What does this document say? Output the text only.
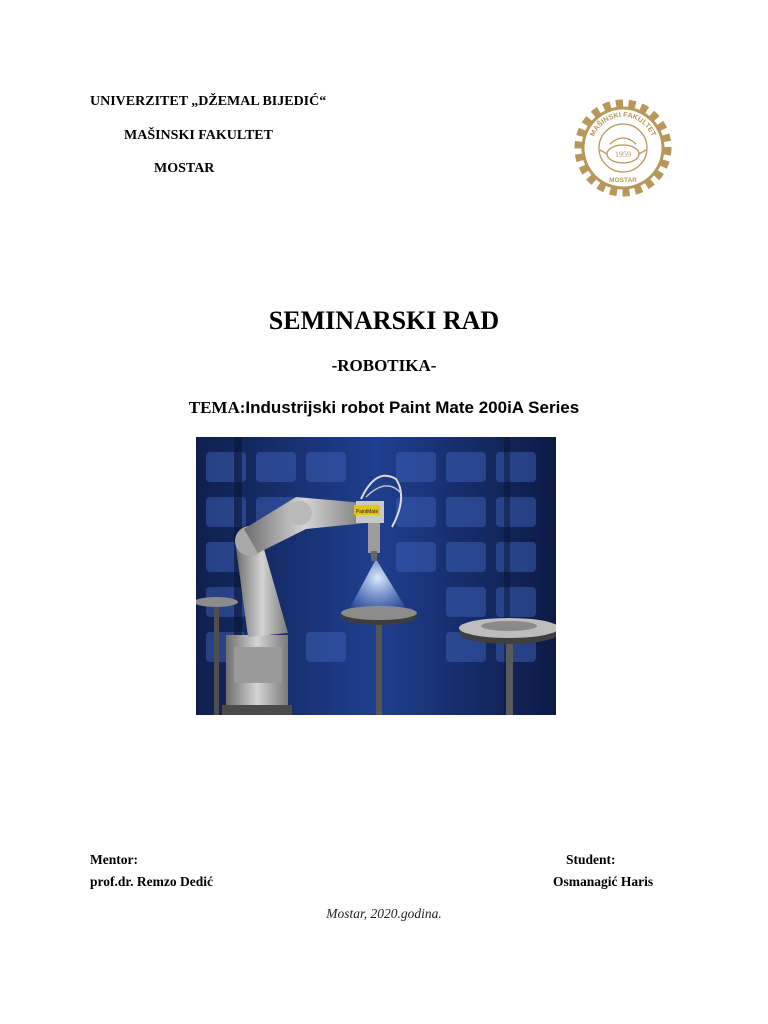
UNIVERZITET „DŽEMAL BIJEDIĆ“
MAŠINSKI FAKULTET
MOSTAR
MAŠINSKI FAKULTET
1959
MOSTAR
SEMINARSKI RAD
-ROBOTIKA-
TEMA:Industrijski robot Paint Mate 200iA Series
PaintMate
Mentor:
prof.dr. Remzo Dedić
Student:
Osmanagić Haris
Mostar, 2020.godina.
